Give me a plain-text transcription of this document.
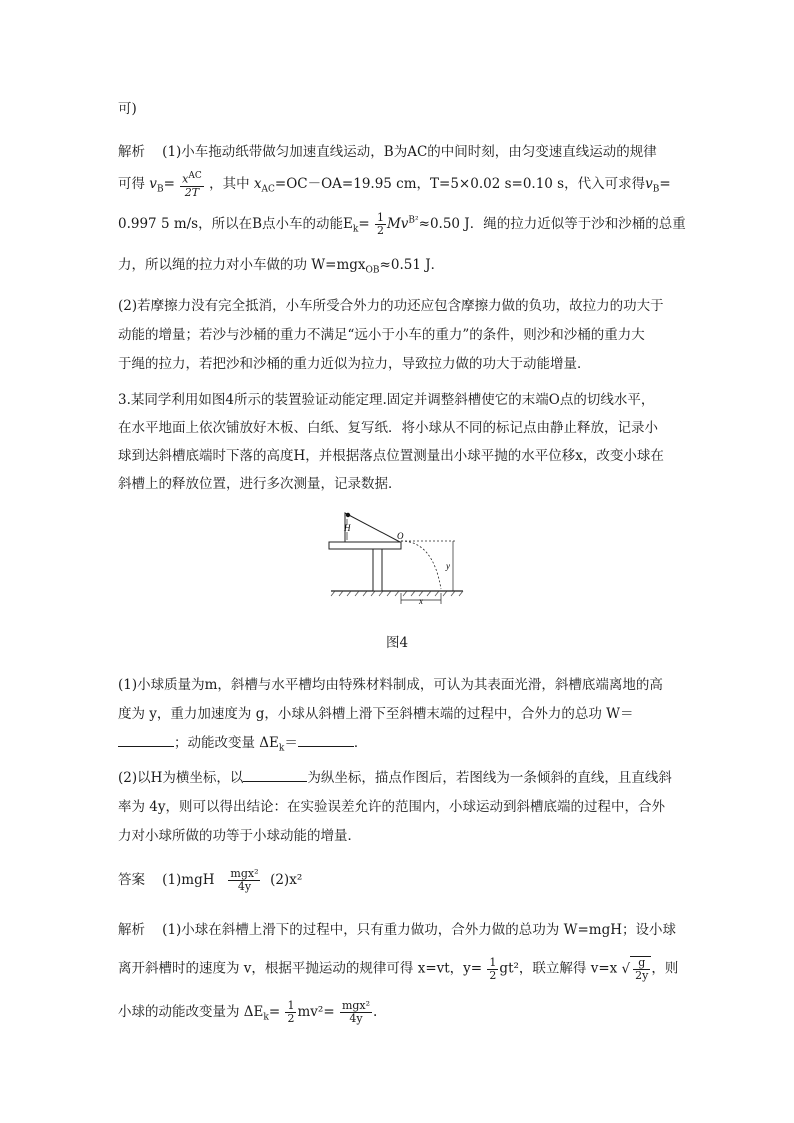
可)
解析 (1)小车拖动纸带做匀加速直线运动，B为AC的中间时刻，由匀变速直线运动的规律
可得 $v_B= \frac{x^{AC}}{2T}$ ，其中 $x_{AC}=OC-OA=19.95$ cm，T=5×0.02 s=0.10 s，代入可求得$v_B=$
0.997 5 m/s，所以在B点小车的动能$E_k= \frac{1}{2} Mv^{B^2}\approx 0.50$ J．绳的拉力近似等于沙和沙桶的总重
力，所以绳的拉力对小车做的功 W=mgx$_{OB}$≈0.51 J．
(2)若摩擦力没有完全抵消，小车所受合外力的功还应包含摩擦力做的负功，故拉力的功大于
动能的增量；若沙与沙桶的重力不满足“远小于小车的重力”的条件，则沙和沙桶的重力大
于绳的拉力，若把沙和沙桶的重力近似为拉力，导致拉力做的功大于动能增量．
3.某同学利用如图4所示的装置验证动能定理.固定并调整斜槽使它的末端O点的切线水平，
在水平地面上依次铺放好木板、白纸、复写纸．将小球从不同的标记点由静止释放，记录小
球到达斜槽底端时下落的高度H，并根据落点位置测量出小球平抛的水平位移x，改变小球在
斜槽上的释放位置，进行多次测量，记录数据．
H
O
y
x
图4
(1)小球质量为m，斜槽与水平槽均由特殊材料制成，可认为其表面光滑，斜槽底端离地的高
度为 y，重力加速度为 g，小球从斜槽上滑下至斜槽末端的过程中，合外力的总功 W＝
；动能改变量 $\Delta E_k=$	．
(2)以H为横坐标，以	为纵坐标，描点作图后，若图线为一条倾斜的直线，且直线斜
率为 4y，则可以得出结论：在实验误差允许的范围内，小球运动到斜槽底端的过程中，合外
力对小球所做的功等于小球动能的增量．
答案 $(1)mgH \frac{\text{mgx²}}{4y} (2)x^2$
解析 (1)小球在斜槽上滑下的过程中，只有重力做功，合外力做的总功为 W=mgH；设小球
离开斜槽时的速度为 v，根据平抛运动的规律可得 x=vt，$y= \frac{1}{2} gt^2$，联立解得 v=x √ $\frac{g}{2y}$ ，则
小球的动能改变量为 $\Delta E_k= \frac{1}{2} mv^2= \frac{\text{mgx²}}{4y}$ .
